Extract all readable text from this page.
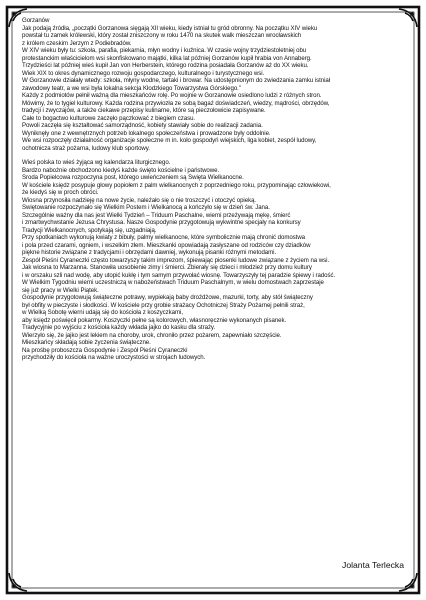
Gorzanów
Jak podają źródła, „początki Gorzanowa sięgają XII wieku, kiedy istniał tu gród obronny. Na początku XIV wieku
powstał tu zamek królewski, który został zniszczony w roku 1470 na skutek walk mieszczan wrocławskich
z królem czeskim Jerzym z Podiebradów.
W XIV wieku były tu: szkoła, parafia, piekarnia, młyn wodny i kuźnica. W czasie wojny trzydziestoletniej obu
protestanckim właścicielom wsi skonfiskowano majątki, kilka lat później Gorzanów kupił hrabia von Annaberg.
Trzydzieści lat później wieś kupił Jan von Herberstein, którego rodzina posiadała Gorzanów aż do XX wieku.
Wiek XIX to okres dynamicznego rozwoju gospodarczego, kulturalnego i turystycznego wsi.
W Gorzanowie działały wtedy: szkoła, młyny wodne, tartaki i browar. Na udostępnionym do zwiedzania zamku istniał
zawodowy teatr, a we wsi była lokalna sekcja Kłodzkiego Towarzystwa Górskiego.”
Każdy z podmiotów pełnił ważną dla mieszkańców rolę. Po wojnie w Gorzanowie osiedlono ludzi z różnych stron.
Mówimy, że to tygiel kulturowy. Każda rodzina przywiozła ze sobą bagaż doświadczeń, wiedzy, mądrości, obrzędów,
tradycji i zwyczajów, a także ciekawe przepisy kulinarne, które są pieczołowicie zapisywane.
Całe to bogactwo kulturowe zaczęło pączkować z biegiem czasu.
Powoli zaczęła się kształtować samorządność, kobiety stawiały sobie do realizacji zadania.
Wyniknęły one z wewnętrznych potrzeb lokalnego społeczeństwa i prowadzone były oddolnie.
We wsi rozpoczęły działalność organizacje społeczne m in. koło gospodyń wiejskich, liga kobiet, zespół ludowy,
ochotnicza straż pożarna, ludowy klub sportowy.
Wieś polska to wieś żyjąca wg kalendarza liturgicznego.
Bardzo nabożnie obchodzono kiedyś każde święto kościelne i państwowe.
Środa Popielcowa rozpoczyna post, którego uwieńczeniem są Święta Wielkanocne.
W kościele księdz posypuje głowy popiołem z palm wielkanocnych z poprzedniego roku, przypominając człowiekowi,
że kiedyś się w proch obróci.
Wiosna przynosiła nadzieję na nowe życie, należało się o nie troszczyć i otoczyć opieką.
Świętowanie rozpoczynało się Wielkim Postem i Wielkanocą a kończyło się w dzień św. Jana.
Szczególnie ważny dla nas jest Wielki Tydzień – Triduum Paschalne, wierni przeżywają mękę, śmierć
i zmartwychwstanie Jezusa Chrystusa. Nasze Gospodynie przygotowują wykwintne specjały na konkursy
Tradycji Wielkanocnych, spotykają się, uzgadniają.
Przy spotkaniach wykonują kwiaty z bibuły, palmy wielkanocne, które symbolicznie mają chronić domostwa
i pola przed czarami, ogniem, i wszelkim złem. Mieszkanki opowiadają zasłyszane od rodziców czy dziadków
piękne historie związane z tradycjami i obrzędami dawniej, wykonują pisanki różnymi metodami.
Zespół Pieśni Cyraneczki często towarzyszy takim imprezom, śpiewając piosenki ludowe związane z życiem na wsi.
Jak wiosna to Marzanna. Stanowiła uosobienie zimy i śmierci. Zbierały się dzieci i młodzież przy domu kultury
i w orszaku szli nad wodę, aby utopić kukłę i tym samym przywołać wiosnę. Towarzyszyły tej paradzie śpiewy i radość.
W Wielkim Tygodniu wierni uczestniczą w nabożeństwach Triduum Paschalnym, w wielu domostwach zaprzestaje
się juž pracy w Wielki Piątek.
Gospodynie przygotowują świąteczne potrawy, wypiekają baby drożdżowe, mazurki, torty, aby stół świąteczny
był obfity w pieczyste i słodkości. W kościele przy grobie strażacy Ochotniczej Straży Pożarnej pełnili straż,
w Wielką Sobotę wierni udają się do kościoła z koszyczkami,
aby księdz poświęcił pokarmy. Koszyczki pełne są kolorowych, własnoręcznie wykonanych pisanek.
Tradycyjnie po wyjściu z kościoła każdy wkłada jajko do kasku dla straży.
Wierzyło się, że jajko jest lekiem na choroby, urok, chroniło przez pożarem, zapewniało szczęście.
Mieszkańcy składają sobie życzenia świąteczne.
Na prośbę proboszcza Gospodynie i Zespół Pieśni Cyraneczki
przychodziły do kościoła na ważne uroczystości w strojach ludowych.
Jolanta Terlecka
